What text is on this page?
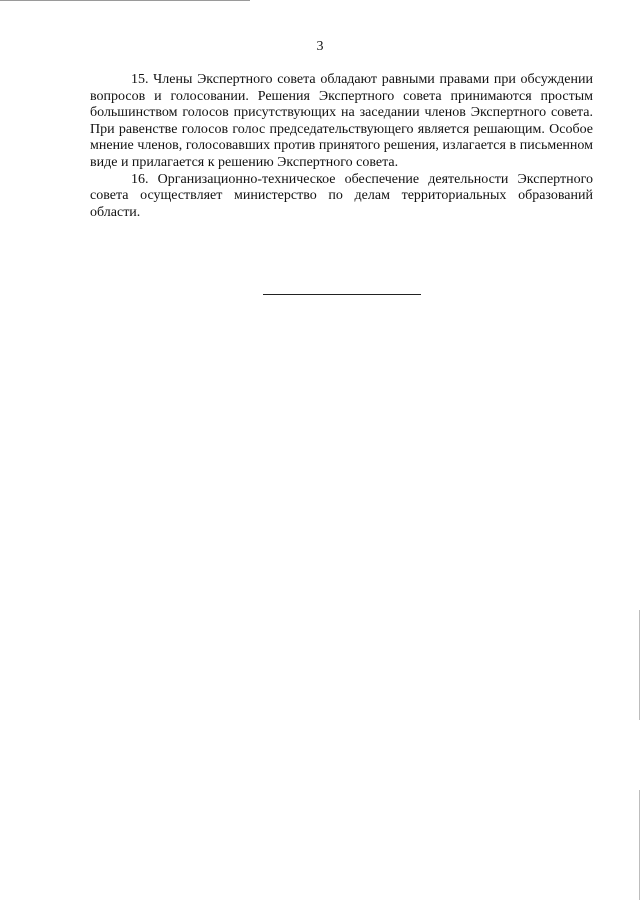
3

15. Члены Экспертного совета обладают равными правами при обсуждении вопросов и голосовании. Решения Экспертного совета принимаются простым большинством голосов присутствующих на заседании членов Экспертного совета. При равенстве голосов голос председательствующего является решающим. Особое мнение членов, голосовавших против принятого решения, излагается в письменном виде и прилагается к решению Экспертного совета.

16. Организационно-техническое обеспечение деятельности Экспертного совета осуществляет министерство по делам территориальных образований области.
